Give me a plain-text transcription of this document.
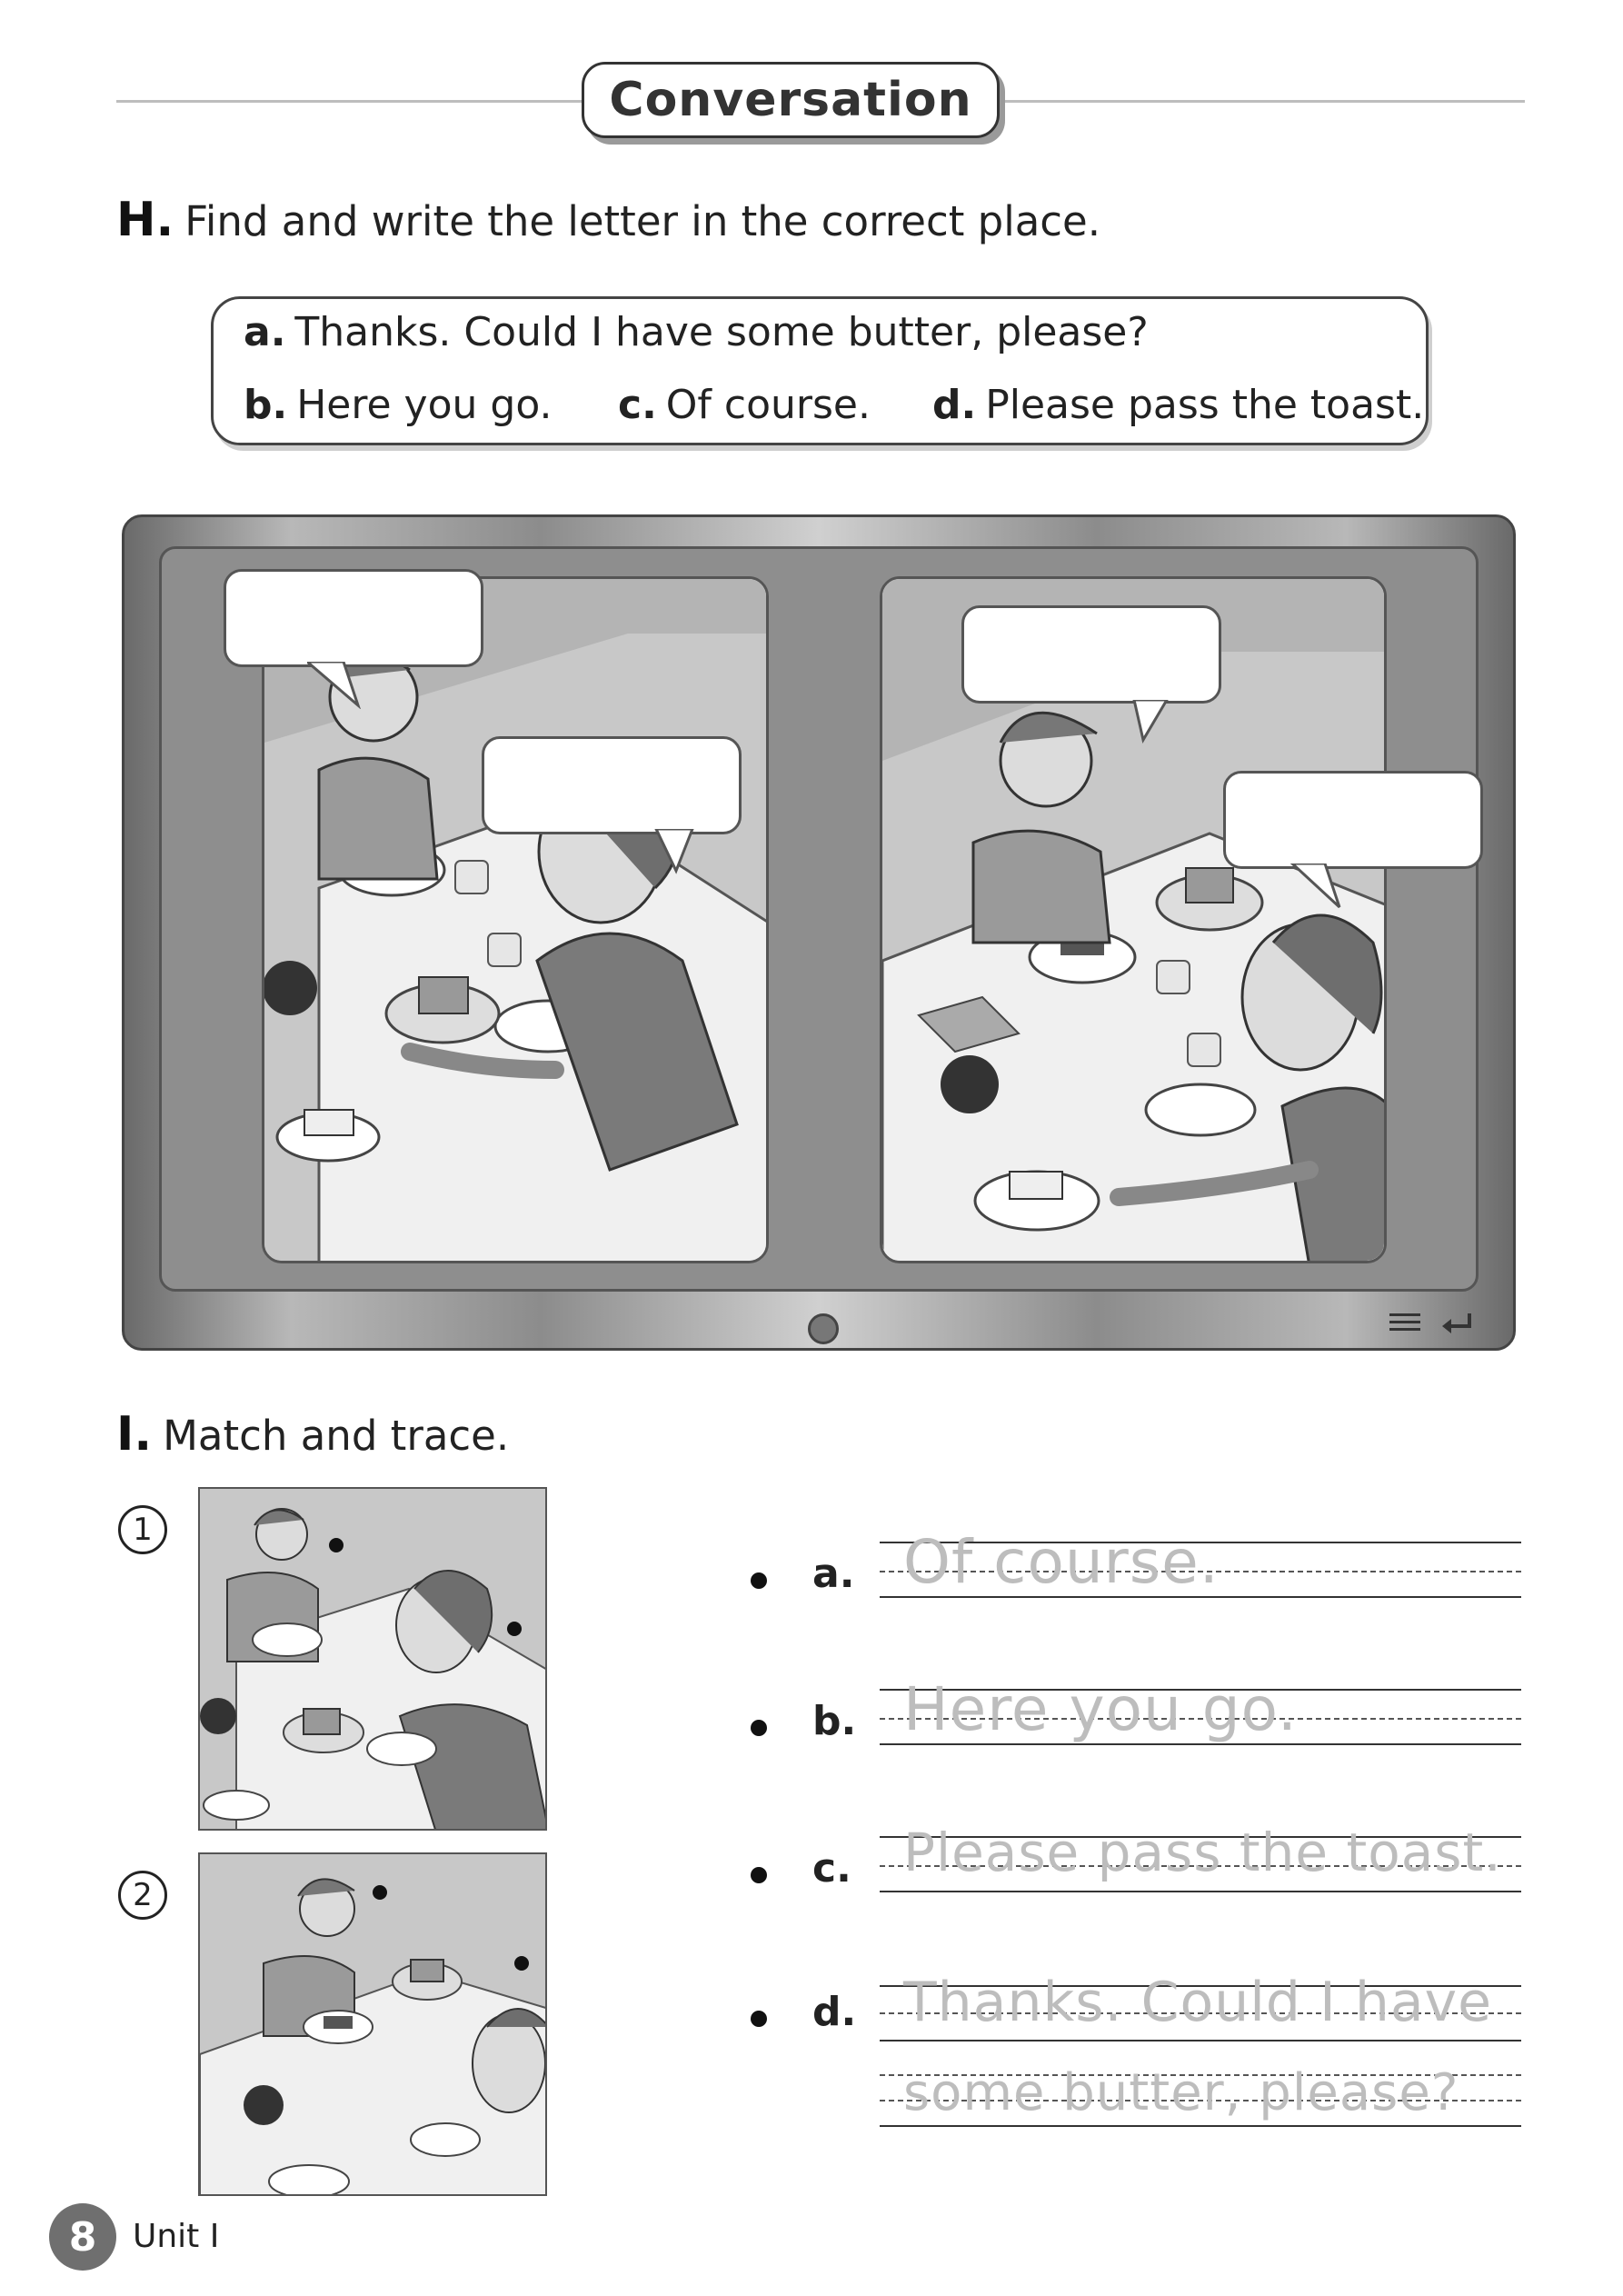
Conversation
H. Find and write the letter in the correct place.
a. Thanks. Could I have some butter, please?
b. Here you go. c. Of course. d. Please pass the toast.
I. Match and trace.
1
2
a. Of course.
b. Here you go.
c. Please pass the toast.
d. Thanks. Could I have
some butter, please?
8	Unit I
